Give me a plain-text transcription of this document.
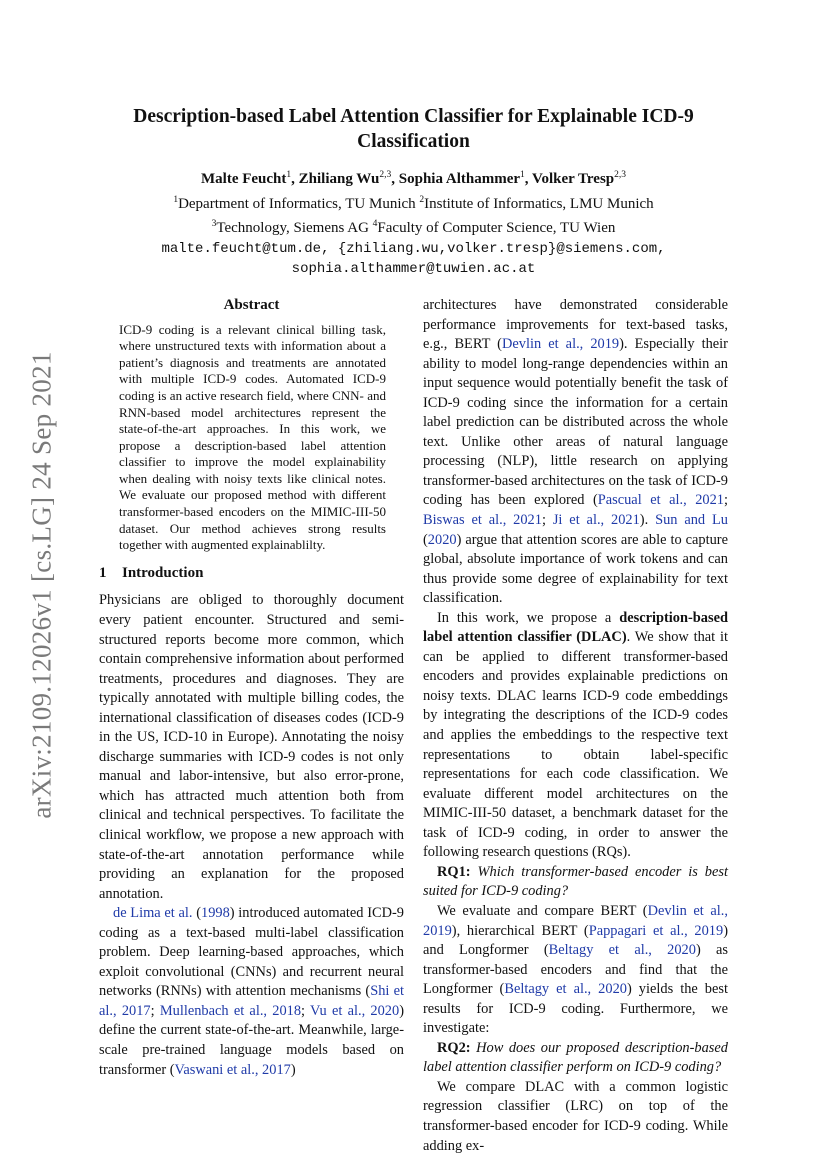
arXiv:2109.12026v1 [cs.LG] 24 Sep 2021
Description-based Label Attention Classifier for Explainable ICD-9
Classification
Malte Feucht$^1$, Zhiliang Wu$^{2,3}$, Sophia Althammer$^1$, Volker Tresp$^{2,3}$
$^1$Department of Informatics, TU Munich $^2$Institute of Informatics, LMU Munich
$^3$Technology, Siemens AG $^4$Faculty of Computer Science, TU Wien
malte.feucht@tum.de, {zhiliang.wu,volker.tresp}@siemens.com,
sophia.althammer@tuwien.ac.at
Abstract
ICD-9 coding is a relevant clinical billing task, where unstructured texts with information about a patient’s diagnosis and treatments are annotated with multiple ICD-9 codes. Automated ICD-9 coding is an active research field, where CNN- and RNN-based model architectures represent the state-of-the-art approaches. In this work, we propose a description-based label attention classifier to improve the model explainability when dealing with noisy texts like clinical notes. We evaluate our proposed method with different transformer-based encoders on the MIMIC-III-50 dataset. Our method achieves strong results together with augmented explainablilty.
1 Introduction

Physicians are obliged to thoroughly document every patient encounter. Structured and semi-structured reports become more common, which contain comprehensive information about performed treatments, procedures and diagnoses. They are typically annotated with multiple billing codes, the international classification of diseases codes (ICD-9 in the US, ICD-10 in Europe). Annotating the noisy discharge summaries with ICD-9 codes is not only manual and labor-intensive, but also error-prone, which has attracted much attention both from clinical and technical perspectives. To facilitate the clinical workflow, we propose a new approach with state-of-the-art annotation performance while providing an explanation for the proposed annotation.

de Lima et al. (1998) introduced automated ICD-9 coding as a text-based multi-label classification problem. Deep learning-based approaches, which exploit convolutional (CNNs) and recurrent neural networks (RNNs) with attention mechanisms (Shi et al., 2017; Mullenbach et al., 2018; Vu et al., 2020) define the current state-of-the-art. Meanwhile, large-scale pre-trained language models based on transformer (Vaswani et al., 2017)

architectures have demonstrated considerable performance improvements for text-based tasks, e.g., BERT (Devlin et al., 2019). Especially their ability to model long-range dependencies within an input sequence would potentially benefit the task of ICD-9 coding since the information for a certain label prediction can be distributed across the whole text. Unlike other areas of natural language processing (NLP), little research on applying transformer-based architectures on the task of ICD-9 coding has been explored (Pascual et al., 2021; Biswas et al., 2021; Ji et al., 2021). Sun and Lu (2020) argue that attention scores are able to capture global, absolute importance of work tokens and can thus provide some degree of explainability for text classification.

In this work, we propose a description-based label attention classifier (DLAC). We show that it can be applied to different transformer-based encoders and provides explainable predictions on noisy texts. DLAC learns ICD-9 code embeddings by integrating the descriptions of the ICD-9 codes and applies the embeddings to the respective text representations to obtain label-specific representations for each code classification. We evaluate different model architectures on the MIMIC-III-50 dataset, a benchmark dataset for the task of ICD-9 coding, in order to answer the following research questions (RQs).

RQ1: Which transformer-based encoder is best suited for ICD-9 coding?

We evaluate and compare BERT (Devlin et al., 2019), hierarchical BERT (Pappagari et al., 2019) and Longformer (Beltagy et al., 2020) as transformer-based encoders and find that the Longformer (Beltagy et al., 2020) yields the best results for ICD-9 coding. Furthermore, we investigate:

RQ2: How does our proposed description-based label attention classifier perform on ICD-9 coding?

We compare DLAC with a common logistic regression classifier (LRC) on top of the transformer-based encoder for ICD-9 coding. While adding ex-
